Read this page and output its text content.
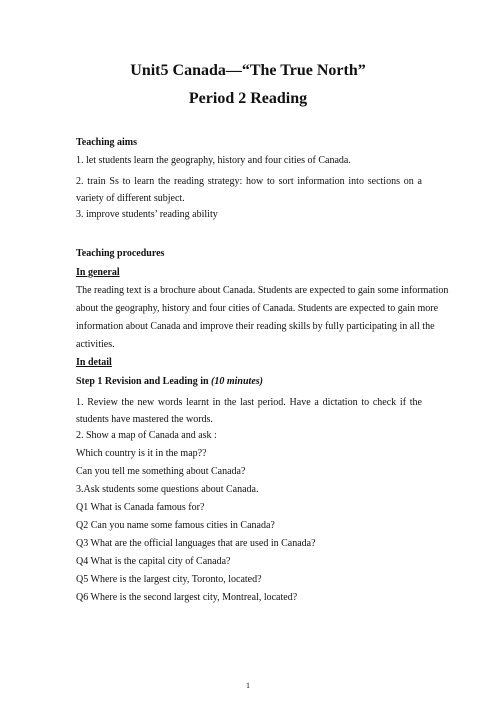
Unit5 Canada—“The True North”
Period 2 Reading
Teaching aims
1. let students learn the geography, history and four cities of Canada.
2. train Ss to learn the reading strategy: how to sort information into sections on a variety of different subject.
3. improve students’ reading ability
Teaching procedures
In general
The reading text is a brochure about Canada. Students are expected to gain some information
about the geography, history and four cities of Canada. Students are expected to gain more
information about Canada and improve their reading skills by fully participating in all the
activities.
In detail
Step 1 Revision and Leading in (10 minutes)
1. Review the new words learnt in the last period. Have a dictation to check if the students have mastered the words.
2. Show a map of Canada and ask :
Which country is it in the map??
Can you tell me something about Canada?
3.Ask students some questions about Canada.
Q1 What is Canada famous for?
Q2 Can you name some famous cities in Canada?
Q3 What are the official languages that are used in Canada?
Q4 What is the capital city of Canada?
Q5 Where is the largest city, Toronto, located?
Q6 Where is the second largest city, Montreal, located?
1
